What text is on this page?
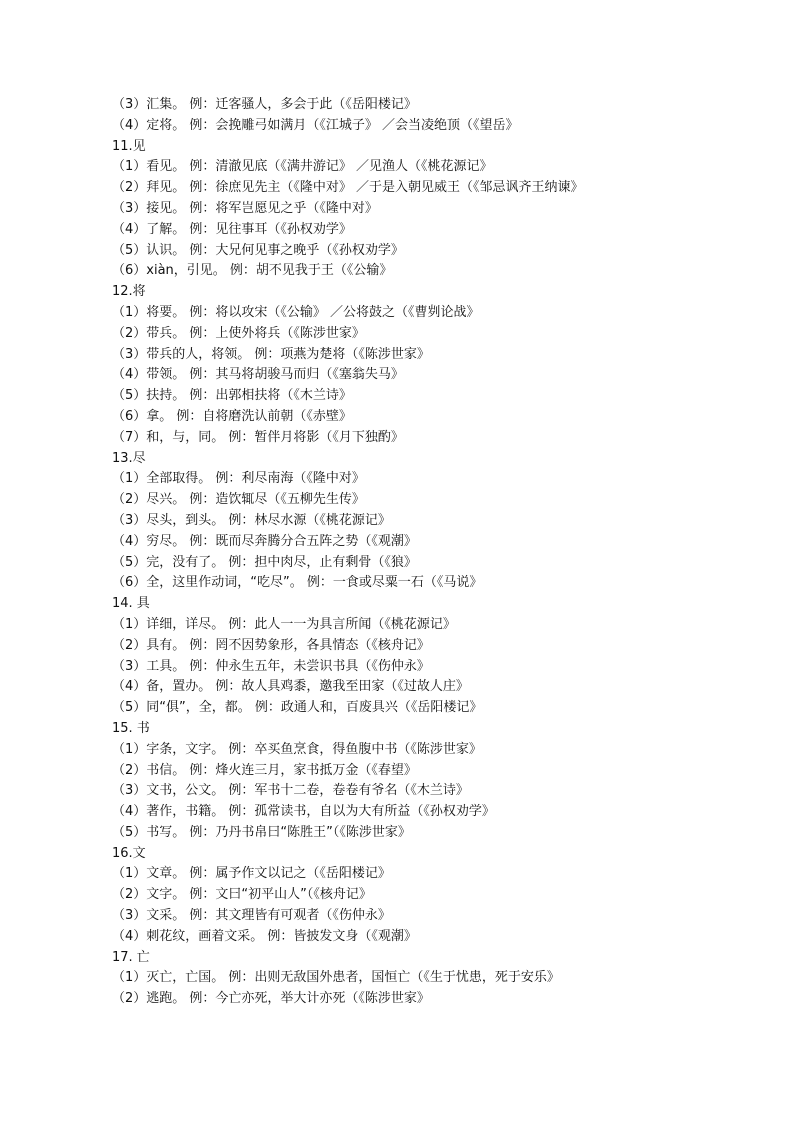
（3）汇集。 例：迁客骚人，多会于此（《岳阳楼记》
（4）定将。 例：会挽雕弓如满月（《江城子》 ／会当凌绝顶（《望岳》
11.见
（1）看见。 例：清澈见底（《满井游记》 ／见渔人（《桃花源记》
（2）拜见。 例：徐庶见先主（《隆中对》 ／于是入朝见威王（《邹忌讽齐王纳谏》
（3）接见。 例：将军岂愿见之乎（《隆中对》
（4）了解。 例：见往事耳（《孙权劝学》
（5）认识。 例：大兄何见事之晚乎（《孙权劝学》
（6）xiàn，引见。 例：胡不见我于王（《公输》
12.将
（1）将要。 例：将以攻宋（《公输》 ／公将鼓之（《曹刿论战》
（2）带兵。 例：上使外将兵（《陈涉世家》
（3）带兵的人，将领。 例：项燕为楚将（《陈涉世家》
（4）带领。 例：其马将胡骏马而归（《塞翁失马》
（5）扶持。 例：出郭相扶将（《木兰诗》
（6）拿。 例：自将磨洗认前朝（《赤壁》
（7）和，与，同。 例：暂伴月将影（《月下独酌》
13.尽
（1）全部取得。 例：利尽南海（《隆中对》
（2）尽兴。 例：造饮辄尽（《五柳先生传》
（3）尽头，到头。 例：林尽水源（《桃花源记》
（4）穷尽。 例：既而尽奔腾分合五阵之势（《观潮》
（5）完，没有了。 例：担中肉尽，止有剩骨（《狼》
（6）全，这里作动词，“吃尽”。 例：一食或尽粟一石（《马说》
14. 具
（1）详细，详尽。 例：此人一一为具言所闻（《桃花源记》
（2）具有。 例：罔不因势象形，各具情态（《核舟记》
（3）工具。 例：仲永生五年，未尝识书具（《伤仲永》
（4）备，置办。 例：故人具鸡黍，邀我至田家（《过故人庄》
（5）同“俱”，全，都。 例：政通人和，百废具兴（《岳阳楼记》
15. 书
（1）字条，文字。 例：卒买鱼烹食，得鱼腹中书（《陈涉世家》
（2）书信。 例：烽火连三月，家书抵万金（《春望》
（3）文书，公文。 例：军书十二卷，卷卷有爷名（《木兰诗》
（4）著作，书籍。 例：孤常读书，自以为大有所益（《孙权劝学》
（5）书写。 例：乃丹书帛曰“陈胜王”（《陈涉世家》
16.文
（1）文章。 例：属予作文以记之（《岳阳楼记》
（2）文字。 例：文曰“初平山人”（《核舟记》
（3）文采。 例：其文理皆有可观者（《伤仲永》
（4）刺花纹，画着文采。 例：皆披发文身（《观潮》
17. 亡
（1）灭亡，亡国。 例：出则无敌国外患者，国恒亡（《生于忧患，死于安乐》
（2）逃跑。 例：今亡亦死，举大计亦死（《陈涉世家》
